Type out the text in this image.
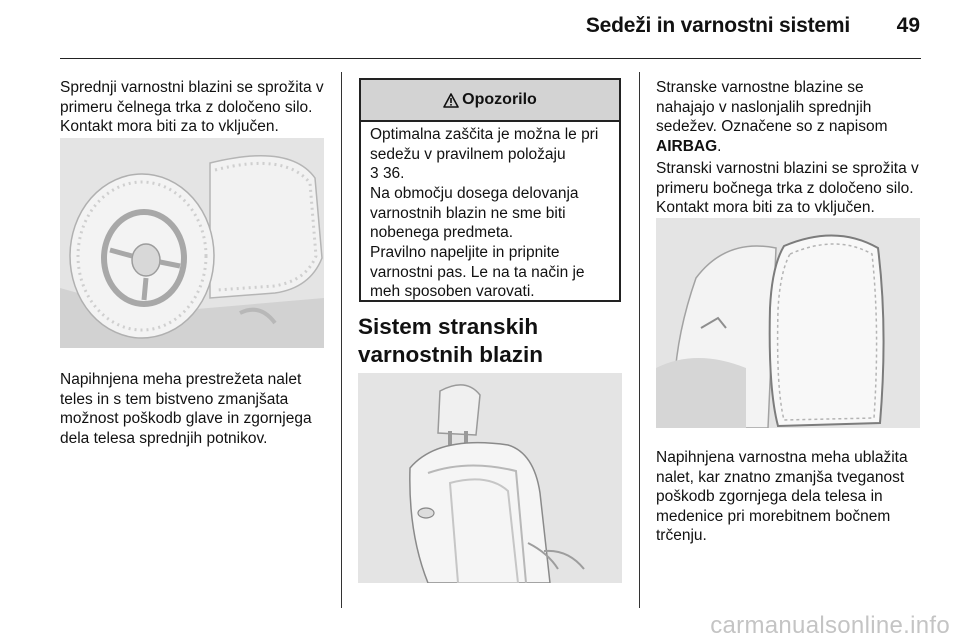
Sedeži in varnostni sistemi	49

Sprednji varnostni blazini se sprožita v primeru čelnega trka z določeno silo. Kontakt mora biti za to vključen.

Napihnjena meha prestrežeta nalet teles in s tem bistveno zmanjšata možnost poškodb glave in zgornjega dela telesa sprednjih potnikov.

Opozorilo

Optimalna zaščita je možna le pri sedežu v pravilnem položaju
3 36.

Na območju dosega delovanja varnostnih blazin ne sme biti nobenega predmeta.

Pravilno napeljite in pripnite varnostni pas. Le na ta način je meh sposoben varovati.

Sistem stranskih varnostnih blazin

Stranske varnostne blazine se nahajajo v naslonjalih sprednjih sedežev. Označene so z napisom AIRBAG.

Stranski varnostni blazini se sprožita v primeru bočnega trka z določeno silo. Kontakt mora biti za to vključen.

Napihnjena varnostna meha ublažita nalet, kar znatno zmanjša tveganost poškodb zgornjega dela telesa in medenice pri morebitnem bočnem trčenju.

carmanualsonline.info
